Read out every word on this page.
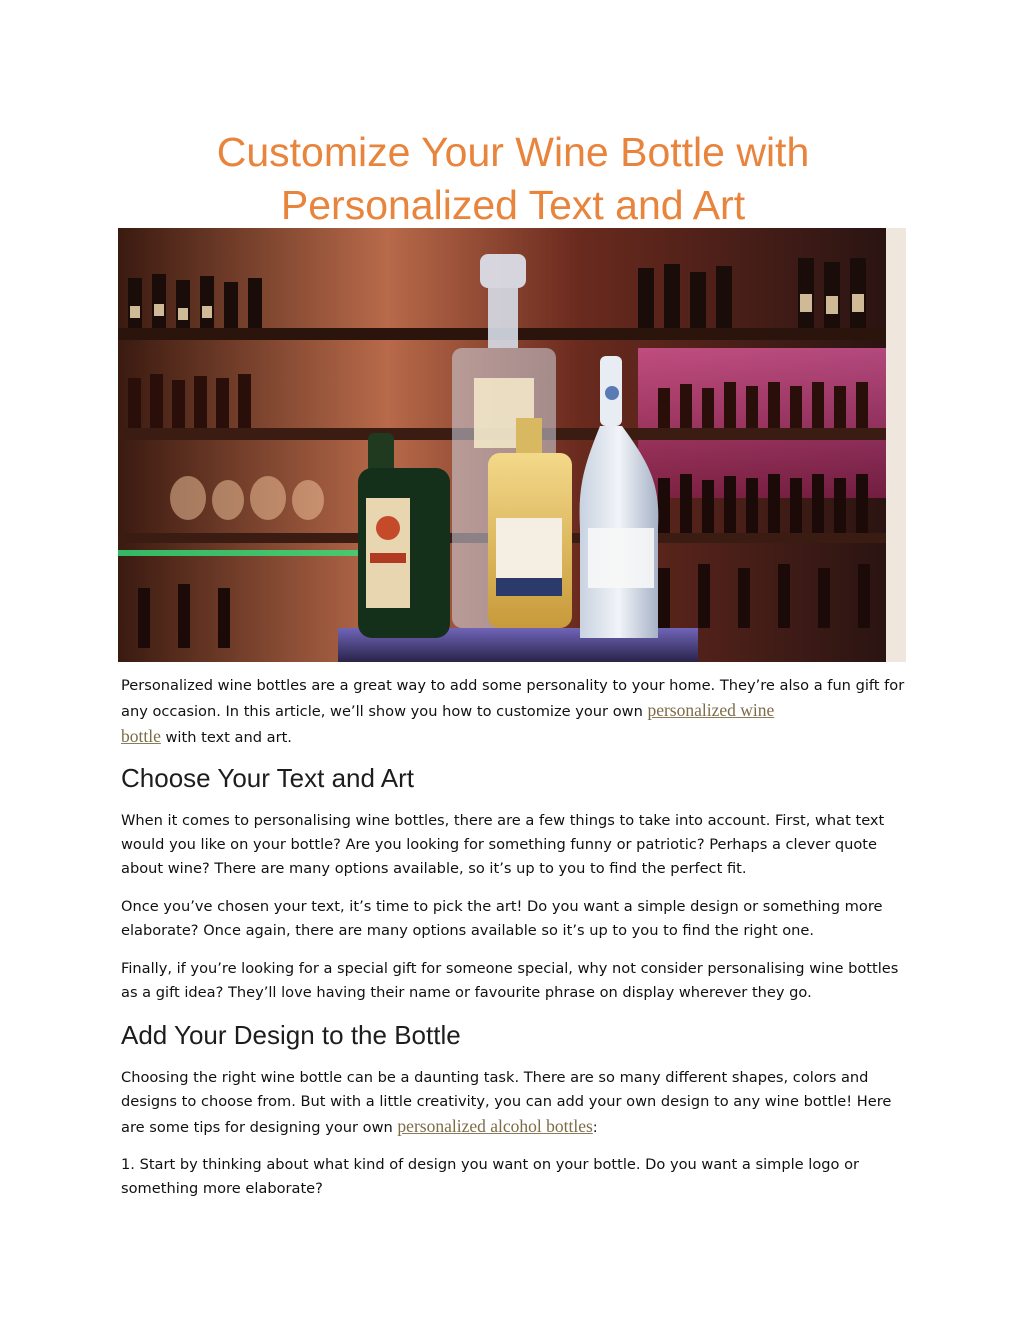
Customize Your Wine Bottle with
Personalized Text and Art

Personalized wine bottles are a great way to add some personality to your home. They’re also a fun gift for any occasion. In this article, we’ll show you how to customize your own personalized wine
bottle with text and art.

Choose Your Text and Art

When it comes to personalising wine bottles, there are a few things to take into account. First, what text would you like on your bottle? Are you looking for something funny or patriotic? Perhaps a clever quote about wine? There are many options available, so it’s up to you to find the perfect fit.

Once you’ve chosen your text, it’s time to pick the art! Do you want a simple design or something more elaborate? Once again, there are many options available so it’s up to you to find the right one.

Finally, if you’re looking for a special gift for someone special, why not consider personalising wine bottles as a gift idea? They’ll love having their name or favourite phrase on display wherever they go.

Add Your Design to the Bottle

Choosing the right wine bottle can be a daunting task. There are so many different shapes, colors and designs to choose from. But with a little creativity, you can add your own design to any wine bottle! Here are some tips for designing your own personalized alcohol bottles:

1. Start by thinking about what kind of design you want on your bottle. Do you want a simple logo or something more elaborate?
